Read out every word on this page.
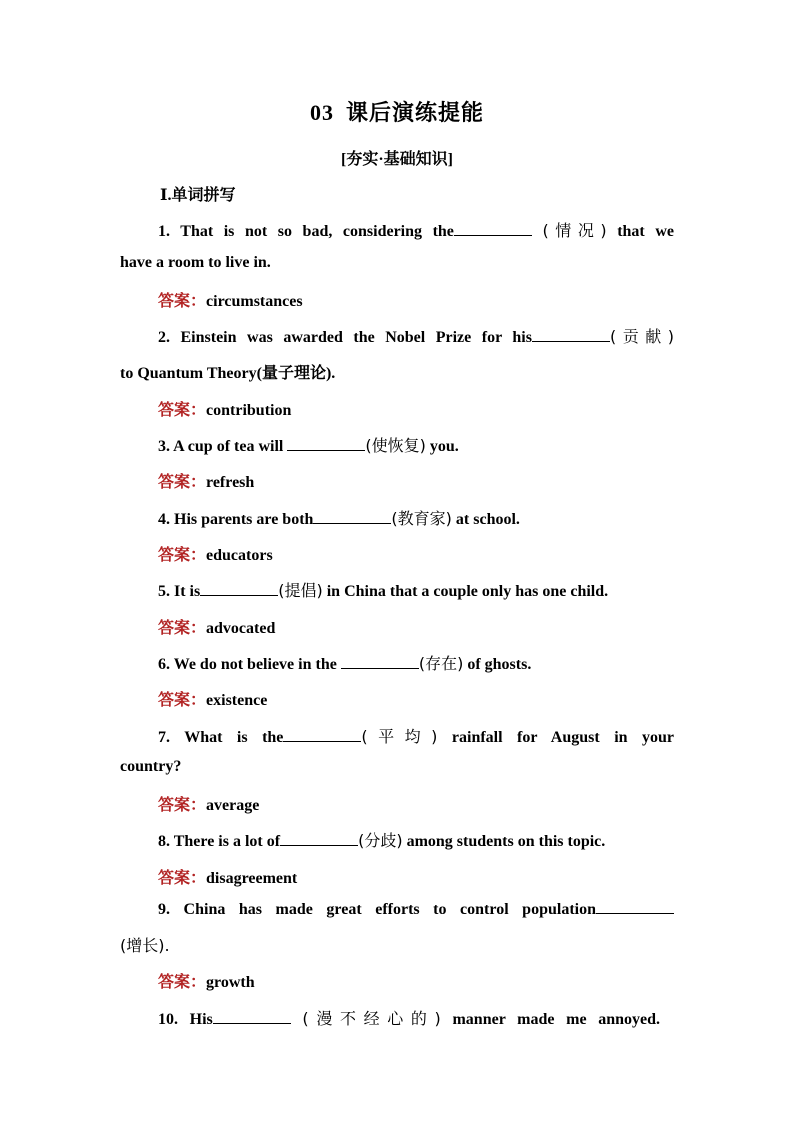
03 课后演练提能
[夯实·基础知识]
Ⅰ.单词拼写
1. That is not so bad, considering the	(情况) that we
have a room to live in.
答案：circumstances
2. Einstein was awarded the Nobel Prize for his	(贡献)
to Quantum Theory(量子理论).
答案：contribution
3. A cup of tea will	(使恢复) you.
答案：refresh
4. His parents are both	(教育家) at school.
答案：educators
5. It is	(提倡) in China that a couple only has one child.
答案：advocated
6. We do not believe in the	(存在) of ghosts.
答案：existence
7. What is the	(平均) rainfall for August in your
country?
答案：average
8. There is a lot of	(分歧) among students on this topic.
答案：disagreement
9. China has made great efforts to control population
(增长).
答案：growth
10. His	(漫不经心的) manner made me annoyed.
